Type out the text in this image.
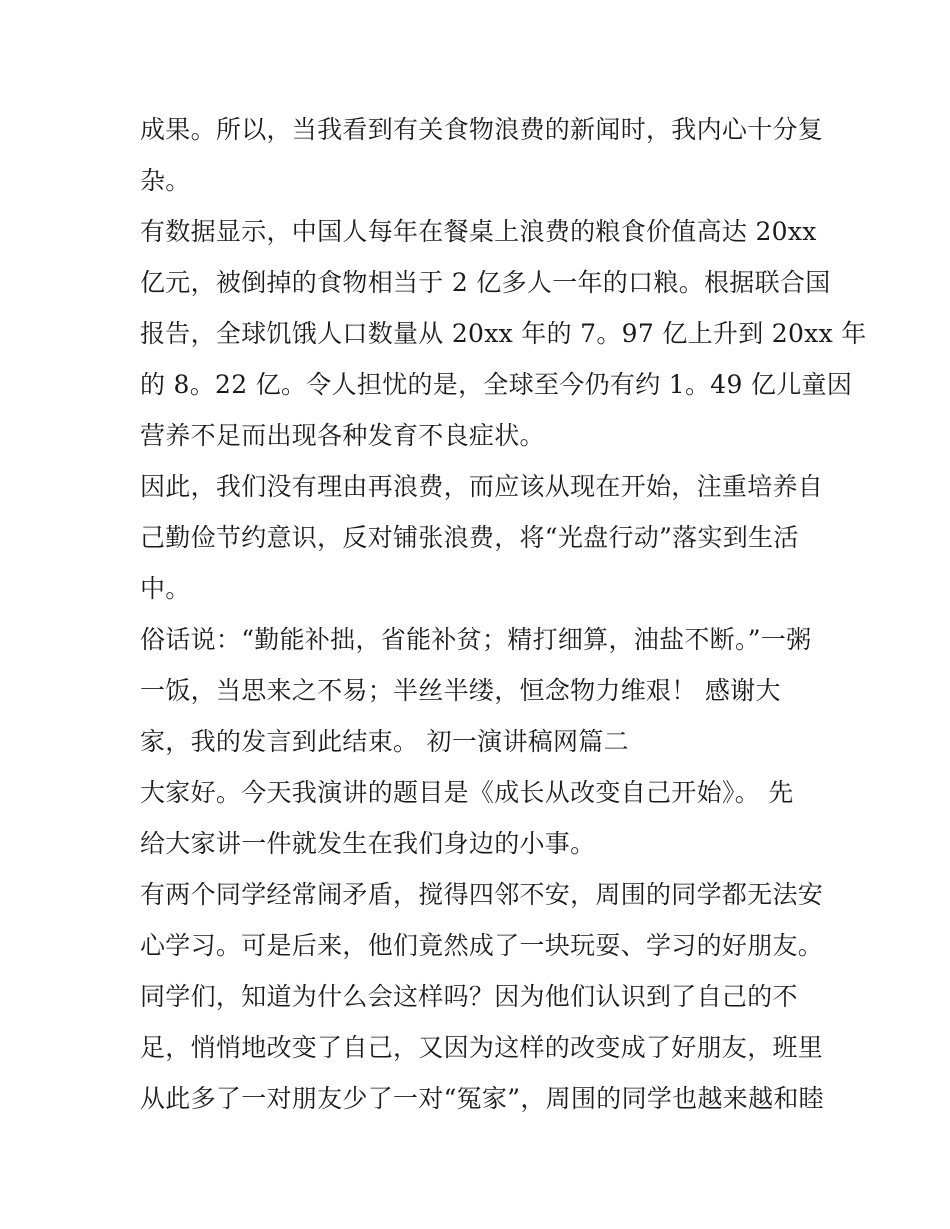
成果。所以，当我看到有关食物浪费的新闻时，我内心十分复
杂。
有数据显示，中国人每年在餐桌上浪费的粮食价值高达 20xx
亿元，被倒掉的食物相当于 2 亿多人一年的口粮。根据联合国
报告，全球饥饿人口数量从 20xx 年的 7。97 亿上升到 20xx 年
的 8。22 亿。令人担忧的是，全球至今仍有约 1。49 亿儿童因
营养不足而出现各种发育不良症状。
因此，我们没有理由再浪费，而应该从现在开始，注重培养自
己勤俭节约意识，反对铺张浪费，将“光盘行动”落实到生活
中。
俗话说：“勤能补拙，省能补贫；精打细算，油盐不断。”一粥
一饭，当思来之不易；半丝半缕，恒念物力维艰！ 感谢大
家，我的发言到此结束。 初一演讲稿网篇二
大家好。今天我演讲的题目是《成长从改变自己开始》。 先
给大家讲一件就发生在我们身边的小事。
有两个同学经常闹矛盾，搅得四邻不安，周围的同学都无法安
心学习。可是后来，他们竟然成了一块玩耍、学习的好朋友。
同学们，知道为什么会这样吗？因为他们认识到了自己的不
足，悄悄地改变了自己，又因为这样的改变成了好朋友，班里
从此多了一对朋友少了一对“冤家”，周围的同学也越来越和睦
